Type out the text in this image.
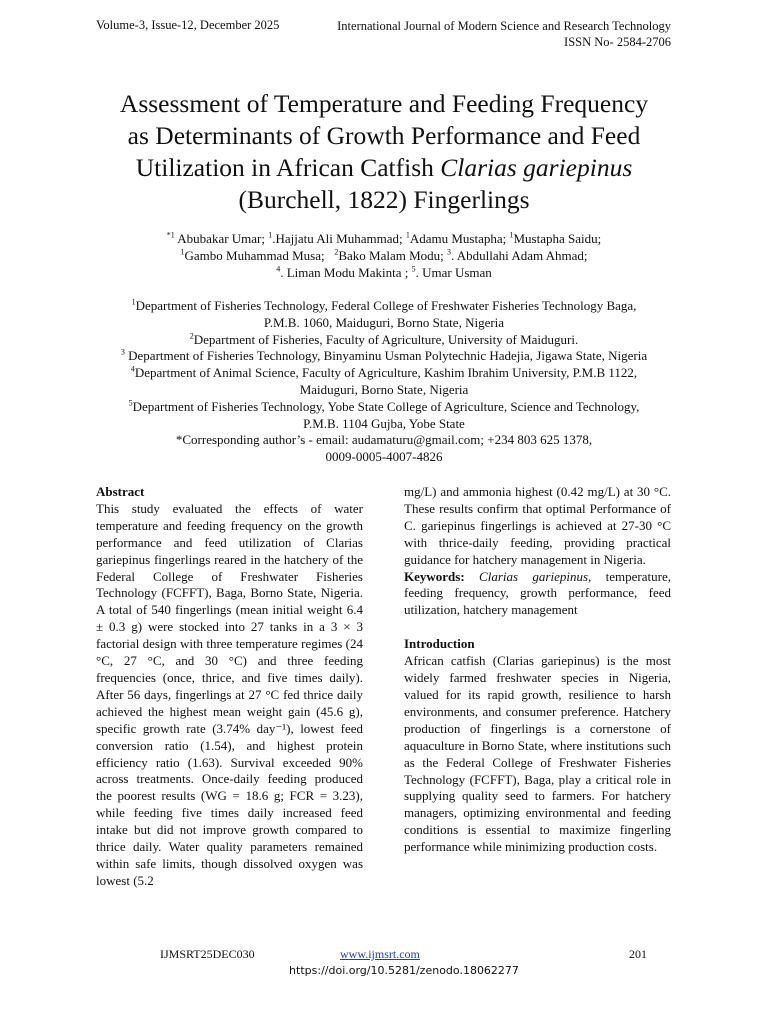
Volume-3, Issue-12, December 2025	International Journal of Modern Science and Research Technology
ISSN No- 2584-2706
Assessment of Temperature and Feeding Frequency
as Determinants of Growth Performance and Feed
Utilization in African Catfish Clarias gariepinus
(Burchell, 1822) Fingerlings
$^{*1}$ Abubakar Umar; $^1$.Hajjatu Ali Muhammad; $^1$Adamu Mustapha; $^1$Mustapha Saidu;
$^1$Gambo Muhammad Musa; $^2$Bako Malam Modu; $^3$. Abdullahi Adam Ahmad;
$^4$. Liman Modu Makinta ; $^5$. Umar Usman
$^1$Department of Fisheries Technology, Federal College of Freshwater Fisheries Technology Baga,
P.M.B. 1060, Maiduguri, Borno State, Nigeria
$^2$Department of Fisheries, Faculty of Agriculture, University of Maiduguri.
$^3$ Department of Fisheries Technology, Binyaminu Usman Polytechnic Hadejia, Jigawa State, Nigeria
$^4$Department of Animal Science, Faculty of Agriculture, Kashim Ibrahim University, P.M.B 1122,
Maiduguri, Borno State, Nigeria
$^5$Department of Fisheries Technology, Yobe State College of Agriculture, Science and Technology,
P.M.B. 1104 Gujba, Yobe State
*Corresponding author’s - email: audamaturu@gmail.com; +234 803 625 1378,
0009-0005-4007-4826
Abstract
This study evaluated the effects of water temperature and feeding frequency on the growth performance and feed utilization of Clarias gariepinus fingerlings reared in the hatchery of the Federal College of Freshwater Fisheries Technology (FCFFT), Baga, Borno State, Nigeria. A total of 540 fingerlings (mean initial weight 6.4 ± 0.3 g) were stocked into 27 tanks in a 3 × 3 factorial design with three temperature regimes (24 °C, 27 °C, and 30 °C) and three feeding frequencies (once, thrice, and five times daily). After 56 days, fingerlings at 27 °C fed thrice daily achieved the highest mean weight gain (45.6 g), specific growth rate (3.74% day⁻¹), lowest feed conversion ratio (1.54), and highest protein efficiency ratio (1.63). Survival exceeded 90% across treatments. Once-daily feeding produced the poorest results (WG = 18.6 g; FCR = 3.23), while feeding five times daily increased feed intake but did not improve growth compared to thrice daily. Water quality parameters remained within safe limits, though dissolved oxygen was lowest (5.2
mg/L) and ammonia highest (0.42 mg/L) at 30 °C. These results confirm that optimal Performance of C. gariepinus fingerlings is achieved at 27-30 °C with thrice-daily feeding, providing practical guidance for hatchery management in Nigeria.
Keywords: Clarias gariepinus, temperature, feeding frequency, growth performance, feed utilization, hatchery management
Introduction
African catfish (Clarias gariepinus) is the most widely farmed freshwater species in Nigeria, valued for its rapid growth, resilience to harsh environments, and consumer preference. Hatchery production of fingerlings is a cornerstone of aquaculture in Borno State, where institutions such as the Federal College of Freshwater Fisheries Technology (FCFFT), Baga, play a critical role in supplying quality seed to farmers. For hatchery managers, optimizing environmental and feeding conditions is essential to maximize fingerling performance while minimizing production costs.
IJMSRT25DEC030	www.ijmsrt.com	201
https://doi.org/10.5281/zenodo.18062277
